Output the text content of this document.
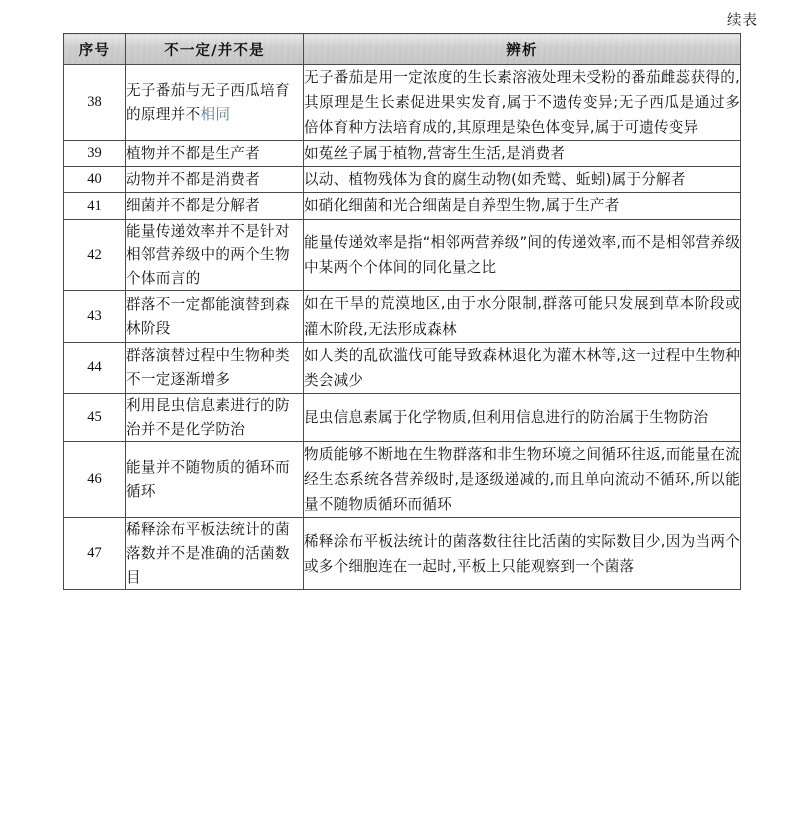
续表
序号	不一定/并不是	辨析
38	无子番茄与无子西瓜培育的原理并不相同	无子番茄是用一定浓度的生长素溶液处理未受粉的番茄雌蕊获得的,其原理是生长素促进果实发育,属于不遗传变异;无子西瓜是通过多倍体育种方法培育成的,其原理是染色体变异,属于可遗传变异
39	植物并不都是生产者	如菟丝子属于植物,营寄生生活,是消费者
40	动物并不都是消费者	以动、植物残体为食的腐生动物(如秃鹫、蚯蚓)属于分解者
41	细菌并不都是分解者	如硝化细菌和光合细菌是自养型生物,属于生产者
42	能量传递效率并不是针对相邻营养级中的两个生物个体而言的	能量传递效率是指“相邻两营养级”间的传递效率,而不是相邻营养级中某两个个体间的同化量之比
43	群落不一定都能演替到森林阶段	如在干旱的荒漠地区,由于水分限制,群落可能只发展到草本阶段或灌木阶段,无法形成森林
44	群落演替过程中生物种类不一定逐渐增多	如人类的乱砍滥伐可能导致森林退化为灌木林等,这一过程中生物种类会减少
45	利用昆虫信息素进行的防治并不是化学防治	昆虫信息素属于化学物质,但利用信息进行的防治属于生物防治
46	能量并不随物质的循环而循环	物质能够不断地在生物群落和非生物环境之间循环往返,而能量在流经生态系统各营养级时,是逐级递减的,而且单向流动不循环,所以能量不随物质循环而循环
47	稀释涂布平板法统计的菌落数并不是准确的活菌数目	稀释涂布平板法统计的菌落数往往比活菌的实际数目少,因为当两个或多个细胞连在一起时,平板上只能观察到一个菌落
